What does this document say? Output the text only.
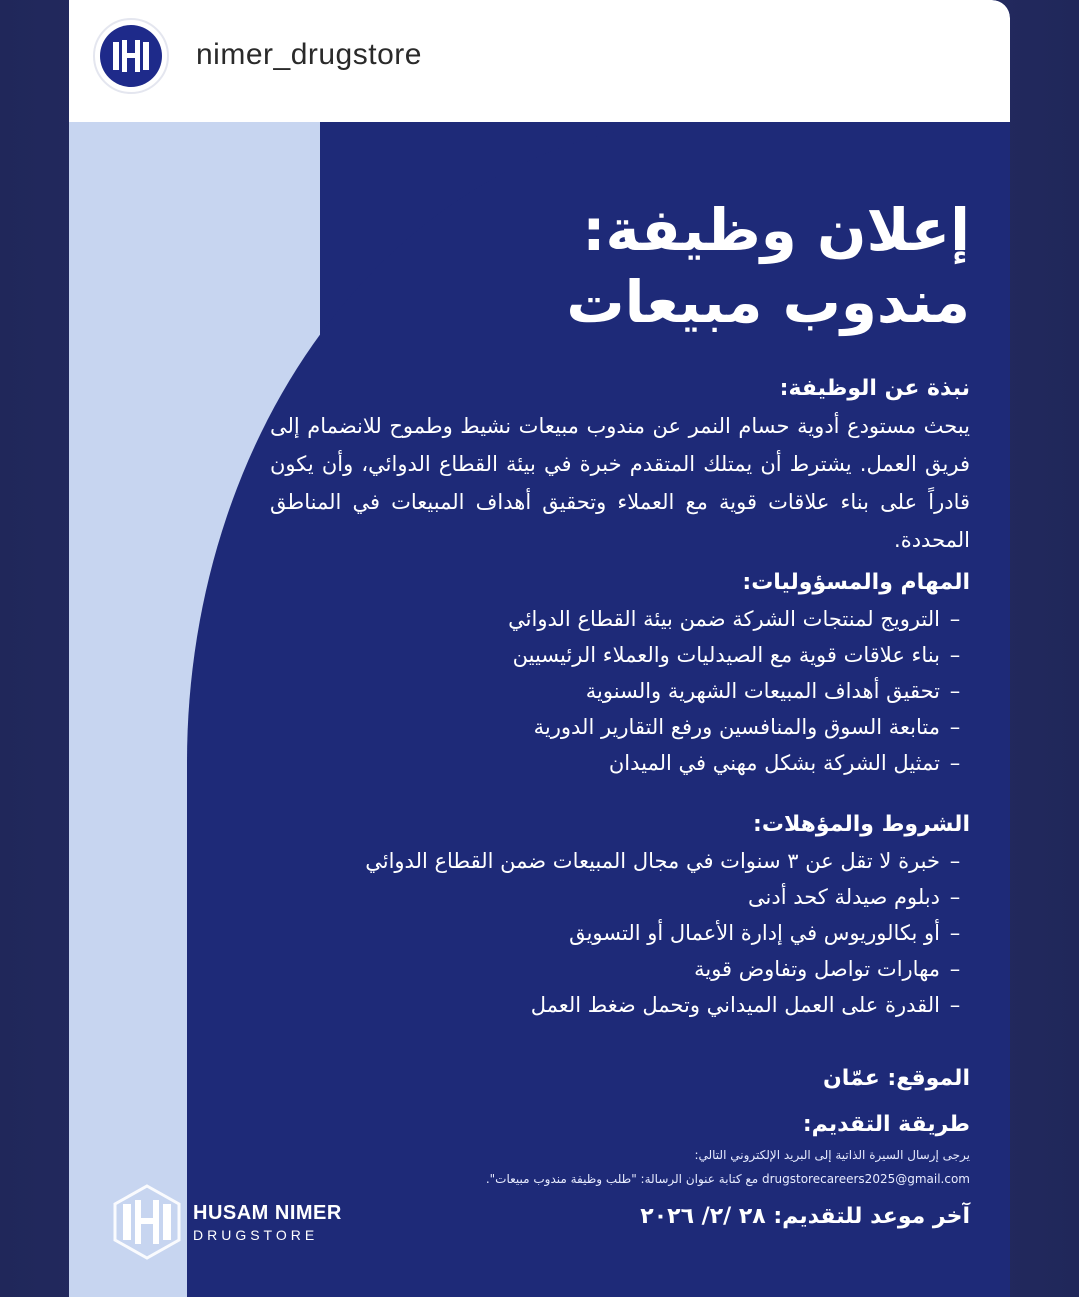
nimer_drugstore
إعلان وظيفة:
مندوب مبيعات
نبذة عن الوظيفة:

يبحث مستودع أدوية حسام النمر عن مندوب مبيعات نشيط وطموح للانضمام إلى فريق العمل. يشترط أن يمتلك المتقدم خبرة في بيئة القطاع الدوائي، وأن يكون قادراً على بناء علاقات قوية مع العملاء وتحقيق أهداف المبيعات في المناطق المحددة.

المهام والمسؤوليات:
–الترويج لمنتجات الشركة ضمن بيئة القطاع الدوائي
–بناء علاقات قوية مع الصيدليات والعملاء الرئيسيين
–تحقيق أهداف المبيعات الشهرية والسنوية
–متابعة السوق والمنافسين ورفع التقارير الدورية
–تمثيل الشركة بشكل مهني في الميدان
الشروط والمؤهلات:
–خبرة لا تقل عن ٣ سنوات في مجال المبيعات ضمن القطاع الدوائي
–دبلوم صيدلة كحد أدنى
–أو بكالوريوس في إدارة الأعمال أو التسويق
–مهارات تواصل وتفاوض قوية
–القدرة على العمل الميداني وتحمل ضغط العمل
الموقع: عمّان
طريقة التقديم:
يرجى إرسال السيرة الذاتية إلى البريد الإلكتروني التالي:
drugstorecareers2025@gmail.com مع كتابة عنوان الرسالة: "طلب وظيفة مندوب مبيعات".
آخر موعد للتقديم: ٢٨ /٢/ ٢٠٢٦
HUSAM NIMER
DRUGSTORE
